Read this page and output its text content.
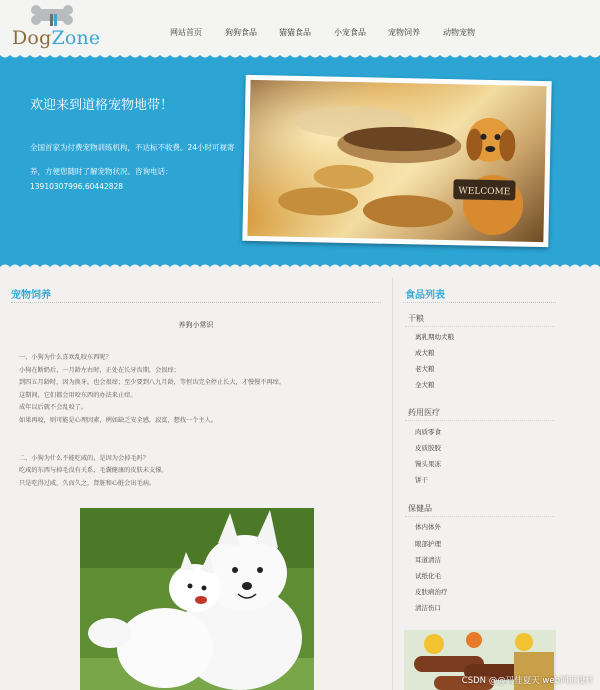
DogZone	网站首页	狗狗食品	猫猫食品	小宠食品	宠物饲养	动物宠物
欢迎来到道格宠物地带！
全国首家为付费宠物训练机构，不达标不收费。24小时可视寄养，方便您随时了解宠物状况。咨询电话：
13910307996,60442828	WELCOME
宠物饲养
养狗小常识

一、小狗为什么喜欢乱咬东西呢？

小狗在断奶后、一月龄左右时，正处在长牙齿期，会很痒；

到四五月龄时，因为换牙，也会很痒；至少要到八九月龄，等恒齿完全停止长大，才慢慢不再痒。

这期间，它们都会用咬东西的办法来止痒。

成年以后就不会乱咬了。

如果再咬，则可能是心理因素，例如缺乏安全感，寂寞，想找一个主人。

二、小狗为什么不能吃咸的，是因为会掉毛吗？

吃咸的东西与掉毛没有关系，毛囊健康的皮肤未支撑。

只是吃得过咸，久而久之，肾脏和心脏会出毛病。

食品列表
干粮
离乳期幼犬粮
成犬粮
老犬粮
全犬粮
药用医疗
肉质零食
皮质胶胶
馒头果冻
饼干
保健品
体内体外
眼部护理
耳道清洁
试纸化毛
皮肤病治疗
清洁伤口
CSDN @@码佳夏天 web网页设计
